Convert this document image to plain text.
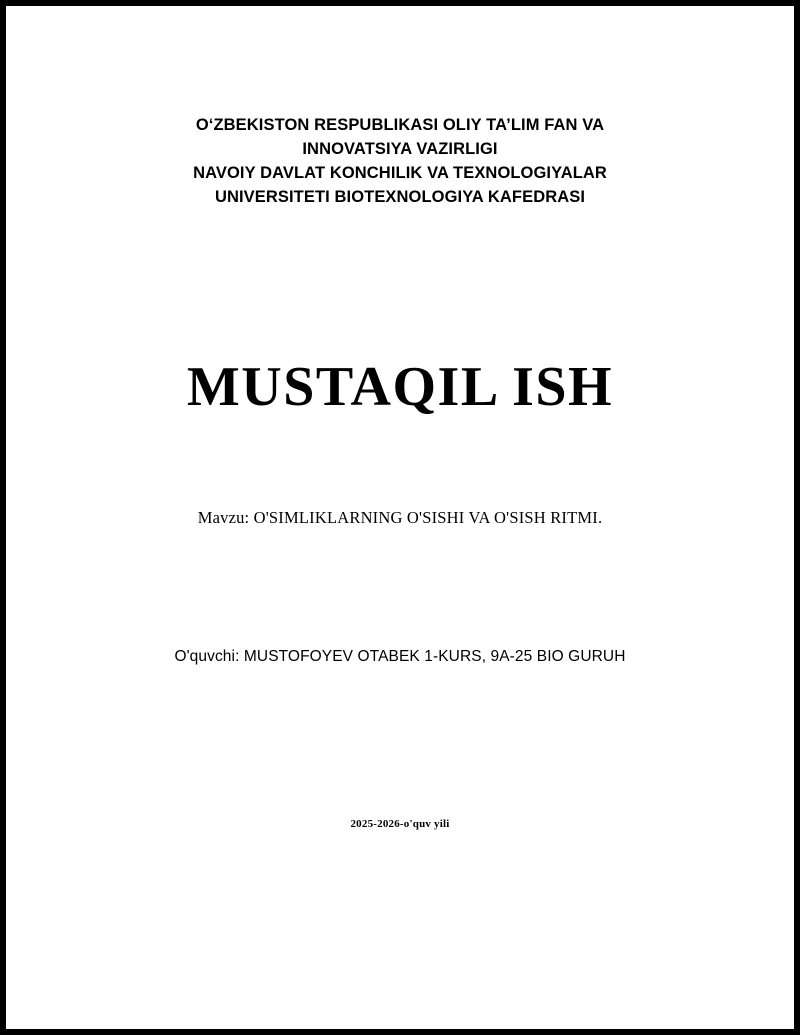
O‘ZBEKISTON RESPUBLIKASI OLIY TA’LIM FAN VA
INNOVATSIYA VAZIRLIGI
NAVOIY DAVLAT KONCHILIK VA TEXNOLOGIYALAR
UNIVERSITETI BIOTEXNOLOGIYA KAFEDRASI
MUSTAQIL ISH
Mavzu: O'SIMLIKLARNING O'SISHI VA O'SISH RITMI.
O'quvchi: MUSTOFOYEV OTABEK 1-KURS, 9A-25 BIO GURUH
2025-2026-o'quv yili
